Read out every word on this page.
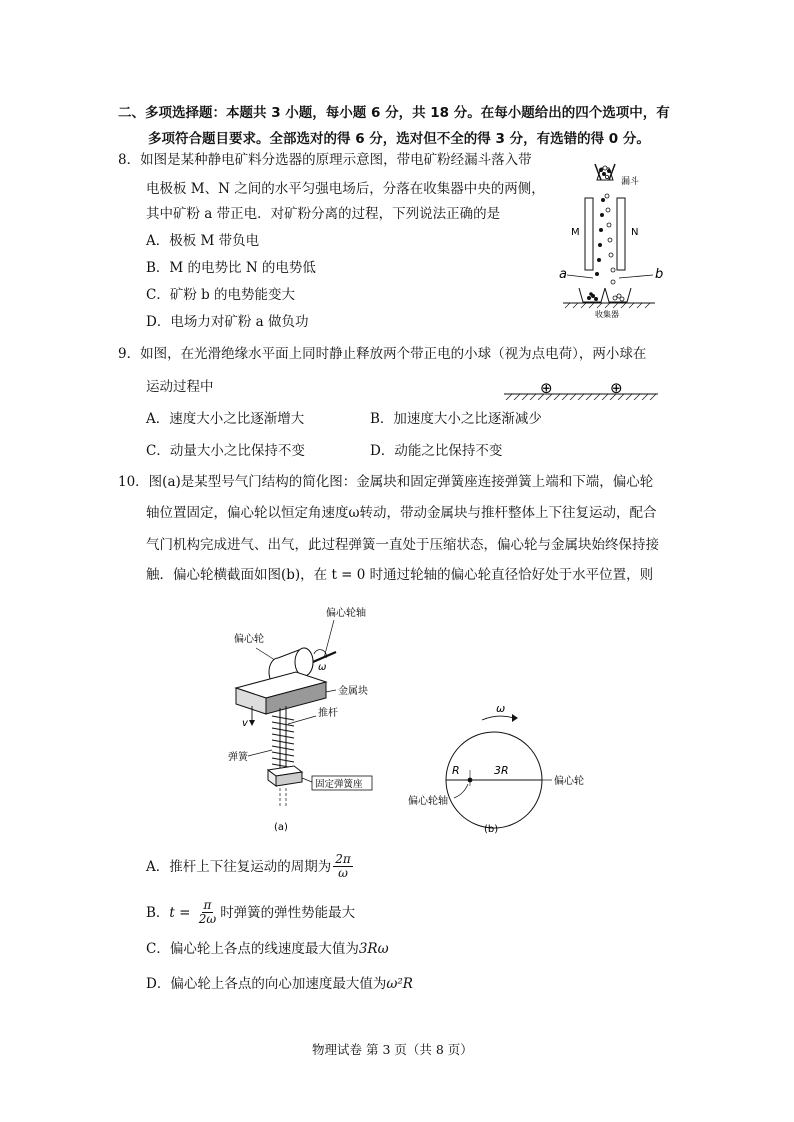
二、多项选择题：本题共 3 小题，每小题 6 分，共 18 分。在每小题给出的四个选项中，有
多项符合题目要求。全部选对的得 6 分，选对但不全的得 3 分，有选错的得 0 分。
8．如图是某种静电矿料分选器的原理示意图，带电矿粉经漏斗落入带
电极板 M、N 之间的水平匀强电场后，分落在收集器中央的两侧，
其中矿粉 a 带正电．对矿粉分离的过程，下列说法正确的是
A．极板 M 带负电
B．M 的电势比 N 的电势低
C．矿粉 b 的电势能变大
D．电场力对矿粉 a 做负功
漏斗
M	N
a	b
收集器
9．如图，在光滑绝缘水平面上同时静止释放两个带正电的小球（视为点电荷），两小球在
运动过程中	⊕	⊕
A．速度大小之比逐渐增大	B．加速度大小之比逐渐减少
C．动量大小之比保持不变	D．动能之比保持不变
10．图(a)是某型号气门结构的简化图：金属块和固定弹簧座连接弹簧上端和下端，偏心轮
轴位置固定，偏心轮以恒定角速度ω转动，带动金属块与推杆整体上下往复运动，配合
气门机构完成进气、出气，此过程弹簧一直处于压缩状态，偏心轮与金属块始终保持接
触．偏心轮横截面如图(b)，在 t = 0 时通过轮轴的偏心轮直径恰好处于水平位置，则
偏心轮轴
偏心轮
ω
金属块
v
推杆
弹簧
固定弹簧座
(a)
ω
R	3R
偏心轮轴
偏心轮
(b)
A．推杆上下往复运动的周期为 $\frac{2\pi}{\omega}$
B． $t = \frac{\pi}{2\omega}$ 时弹簧的弹性势能最大
C．偏心轮上各点的线速度最大值为3Rω
D．偏心轮上各点的向心加速度最大值为ω²R
物理试卷 第 3 页（共 8 页）
